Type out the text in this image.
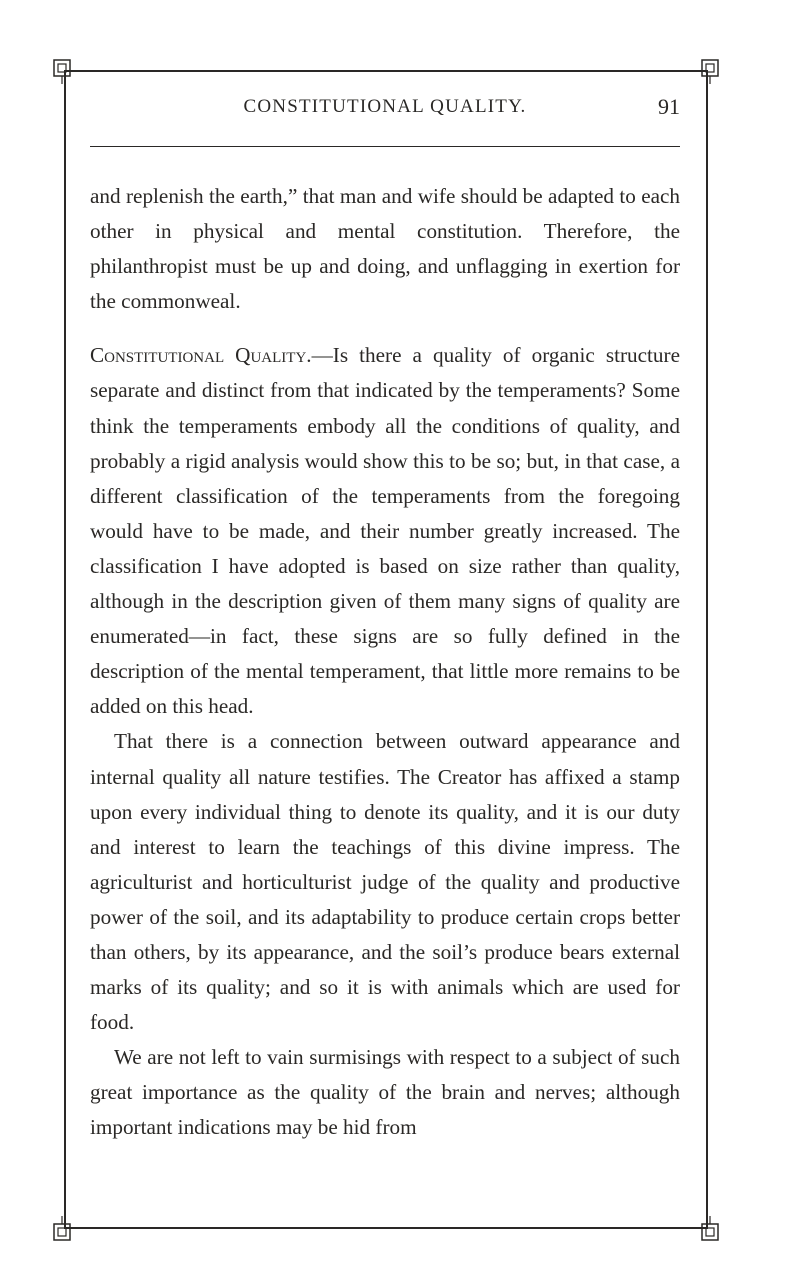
CONSTITUTIONAL QUALITY.	91

and replenish the earth,” that man and wife should be adapted to each other in physical and mental constitution. Therefore, the philanthropist must be up and doing, and unflagging in exertion for the commonweal.

Constitutional Quality.—Is there a quality of organic structure separate and distinct from that indicated by the temperaments? Some think the temperaments embody all the conditions of quality, and probably a rigid analysis would show this to be so; but, in that case, a different classification of the temperaments from the foregoing would have to be made, and their number greatly increased. The classification I have adopted is based on size rather than quality, although in the description given of them many signs of quality are enumerated—in fact, these signs are so fully defined in the description of the mental temperament, that little more remains to be added on this head.

That there is a connection between outward appearance and internal quality all nature testifies. The Creator has affixed a stamp upon every individual thing to denote its quality, and it is our duty and interest to learn the teachings of this divine impress. The agriculturist and horticulturist judge of the quality and productive power of the soil, and its adaptability to produce certain crops better than others, by its appearance, and the soil’s produce bears external marks of its quality; and so it is with animals which are used for food.

We are not left to vain surmisings with respect to a subject of such great importance as the quality of the brain and nerves; although important indications may be hid from
